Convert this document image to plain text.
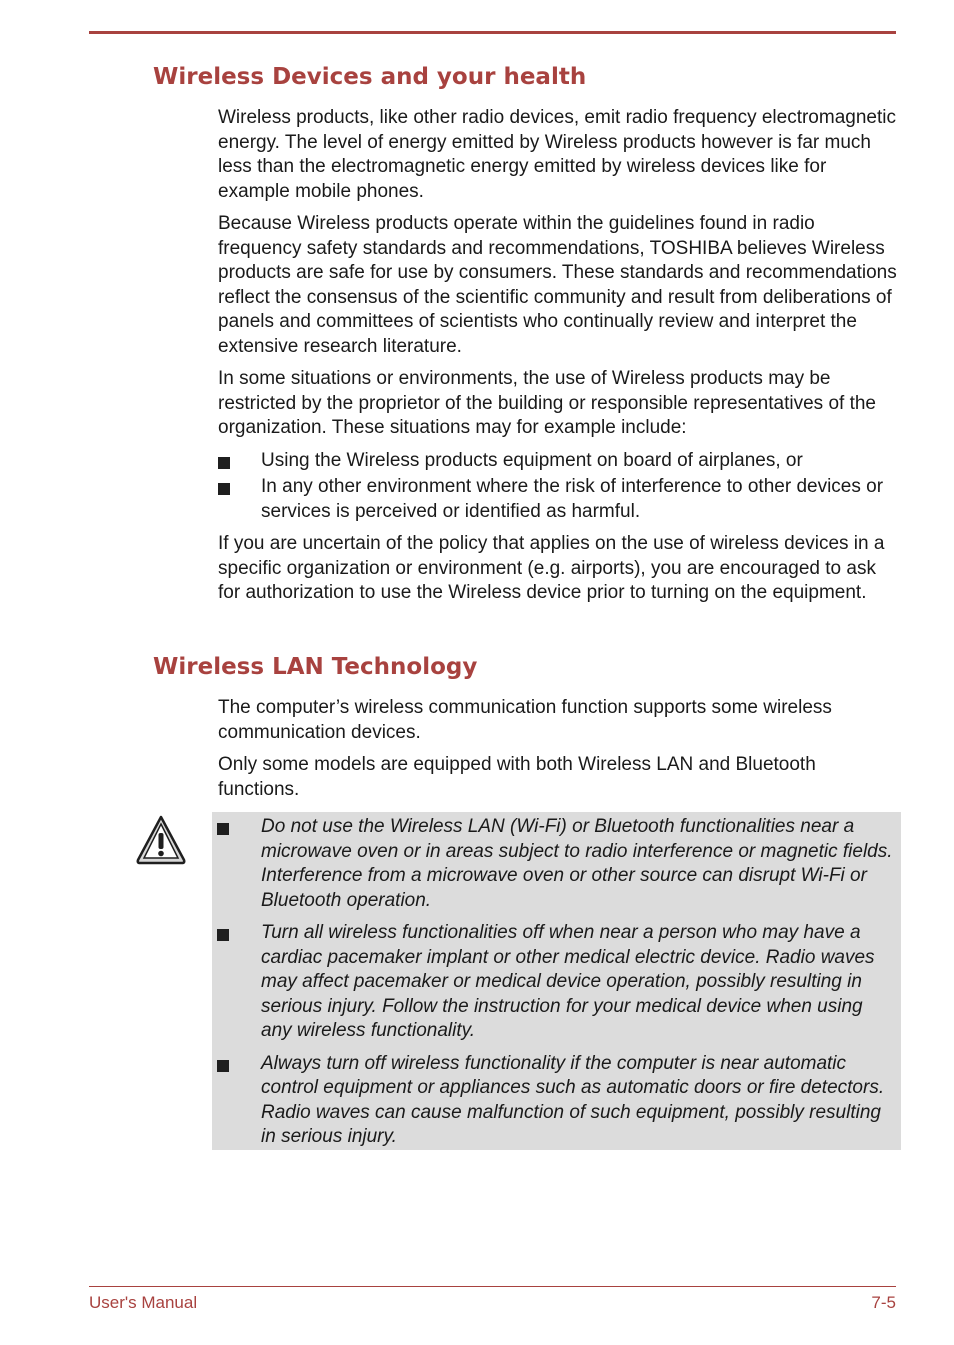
Wireless Devices and your health

Wireless products, like other radio devices, emit radio frequency electromagnetic energy. The level of energy emitted by Wireless products however is far much less than the electromagnetic energy emitted by wireless devices like for example mobile phones.

Because Wireless products operate within the guidelines found in radio frequency safety standards and recommendations, TOSHIBA believes Wireless products are safe for use by consumers. These standards and recommendations reflect the consensus of the scientific community and result from deliberations of panels and committees of scientists who continually review and interpret the extensive research literature.

In some situations or environments, the use of Wireless products may be restricted by the proprietor of the building or responsible representatives of the organization. These situations may for example include:

Using the Wireless products equipment on board of airplanes, or
In any other environment where the risk of interference to other devices or services is perceived or identified as harmful.

If you are uncertain of the policy that applies on the use of wireless devices in a specific organization or environment (e.g. airports), you are encouraged to ask for authorization to use the Wireless device prior to turning on the equipment.

Wireless LAN Technology

The computer’s wireless communication function supports some wireless communication devices.

Only some models are equipped with both Wireless LAN and Bluetooth functions.

Do not use the Wireless LAN (Wi-Fi) or Bluetooth functionalities near a microwave oven or in areas subject to radio interference or magnetic fields. Interference from a microwave oven or other source can disrupt Wi-Fi or Bluetooth operation.
Turn all wireless functionalities off when near a person who may have a cardiac pacemaker implant or other medical electric device. Radio waves may affect pacemaker or medical device operation, possibly resulting in serious injury. Follow the instruction for your medical device when using any wireless functionality.
Always turn off wireless functionality if the computer is near automatic control equipment or appliances such as automatic doors or fire detectors. Radio waves can cause malfunction of such equipment, possibly resulting in serious injury.
User's Manual	7-5
